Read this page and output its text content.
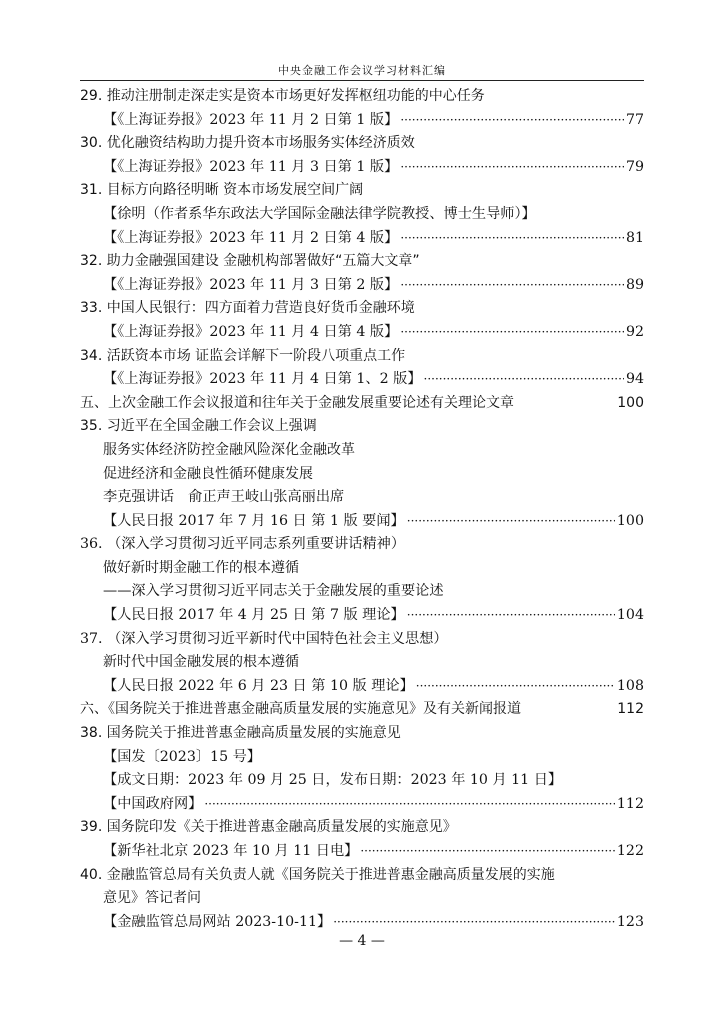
中央金融工作会议学习材料汇编
29. 推动注册制走深走实是资本市场更好发挥枢纽功能的中心任务
【《上海证券报》2023 年 11 月 2 日第 1 版】 ·····	77
30. 优化融资结构助力提升资本市场服务实体经济质效
【《上海证券报》2023 年 11 月 3 日第 1 版】 ·····	79
31. 目标方向路径明晰 资本市场发展空间广阔
【徐明（作者系华东政法大学国际金融法律学院教授、博士生导师）】
【《上海证券报》2023 年 11 月 2 日第 4 版】 ·····	81
32. 助力金融强国建设 金融机构部署做好“五篇大文章”
【《上海证券报》2023 年 11 月 3 日第 2 版】 ·····	89
33. 中国人民银行：四方面着力营造良好货币金融环境
【《上海证券报》2023 年 11 月 4 日第 4 版】 ·····	92
34. 活跃资本市场 证监会详解下一阶段八项重点工作
【《上海证券报》2023 年 11 月 4 日第 1、2 版】 ·····	94
五、上次金融工作会议报道和往年关于金融发展重要论述有关理论文章	100
35. 习近平在全国金融工作会议上强调
服务实体经济防控金融风险深化金融改革
促进经济和金融良性循环健康发展
李克强讲话　俞正声王岐山张高丽出席
【人民日报 2017 年 7 月 16 日 第 1 版 要闻】 ·····	100
36. （深入学习贯彻习近平同志系列重要讲话精神）
做好新时期金融工作的根本遵循
——深入学习贯彻习近平同志关于金融发展的重要论述
【人民日报 2017 年 4 月 25 日 第 7 版 理论】 ·····	104
37. （深入学习贯彻习近平新时代中国特色社会主义思想）
新时代中国金融发展的根本遵循
【人民日报 2022 年 6 月 23 日 第 10 版 理论】 ·····	108
六、《国务院关于推进普惠金融高质量发展的实施意见》及有关新闻报道	112
38. 国务院关于推进普惠金融高质量发展的实施意见
【国发〔2023〕15 号】
【成文日期：2023 年 09 月 25 日，发布日期：2023 年 10 月 11 日】
【中国政府网】 ·····	112
39. 国务院印发《关于推进普惠金融高质量发展的实施意见》
【新华社北京 2023 年 10 月 11 日电】 ·····	122
40. 金融监管总局有关负责人就《国务院关于推进普惠金融高质量发展的实施
意见》答记者问
【金融监管总局网站 2023-10-11】 ·····	123
— 4 —
